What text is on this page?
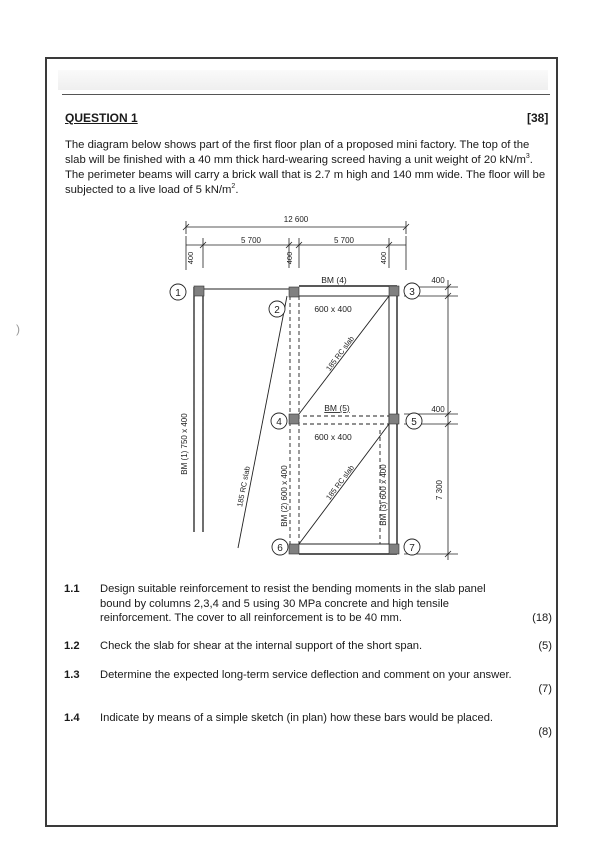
)
QUESTION 1	[38]
The diagram below shows part of the first floor plan of a proposed mini factory. The top of the slab will be finished with a 40 mm thick hard-wearing screed having a unit weight of 20 $kN/m^3$. The perimeter beams will carry a brick wall that is 2.7 m high and 140 mm wide. The floor will be subjected to a live load of 5 $kN/m^2$.
12 600
5 700	5 700
400	400	400
400
400
7 300
1
2
3
4	5
6	7
BM (4)
BM (5)
600 x 400
600 x 400
BM (1) 750 x 400
BM (2) 600 x 400	BM (3) 600 x 400
185 RC slab
185 RC slab
185 RC slab
1.1 Design suitable reinforcement to resist the bending moments in the slab panel bound by columns 2,3,4 and 5 using 30 MPa concrete and high tensile reinforcement. The cover to all reinforcement is to be 40 mm.	(18)
1.2 Check the slab for shear at the internal support of the short span.	(5)
1.3 Determine the expected long-term service deflection and comment on your answer.
(7)
1.4 Indicate by means of a simple sketch (in plan) how these bars would be placed.
(8)
